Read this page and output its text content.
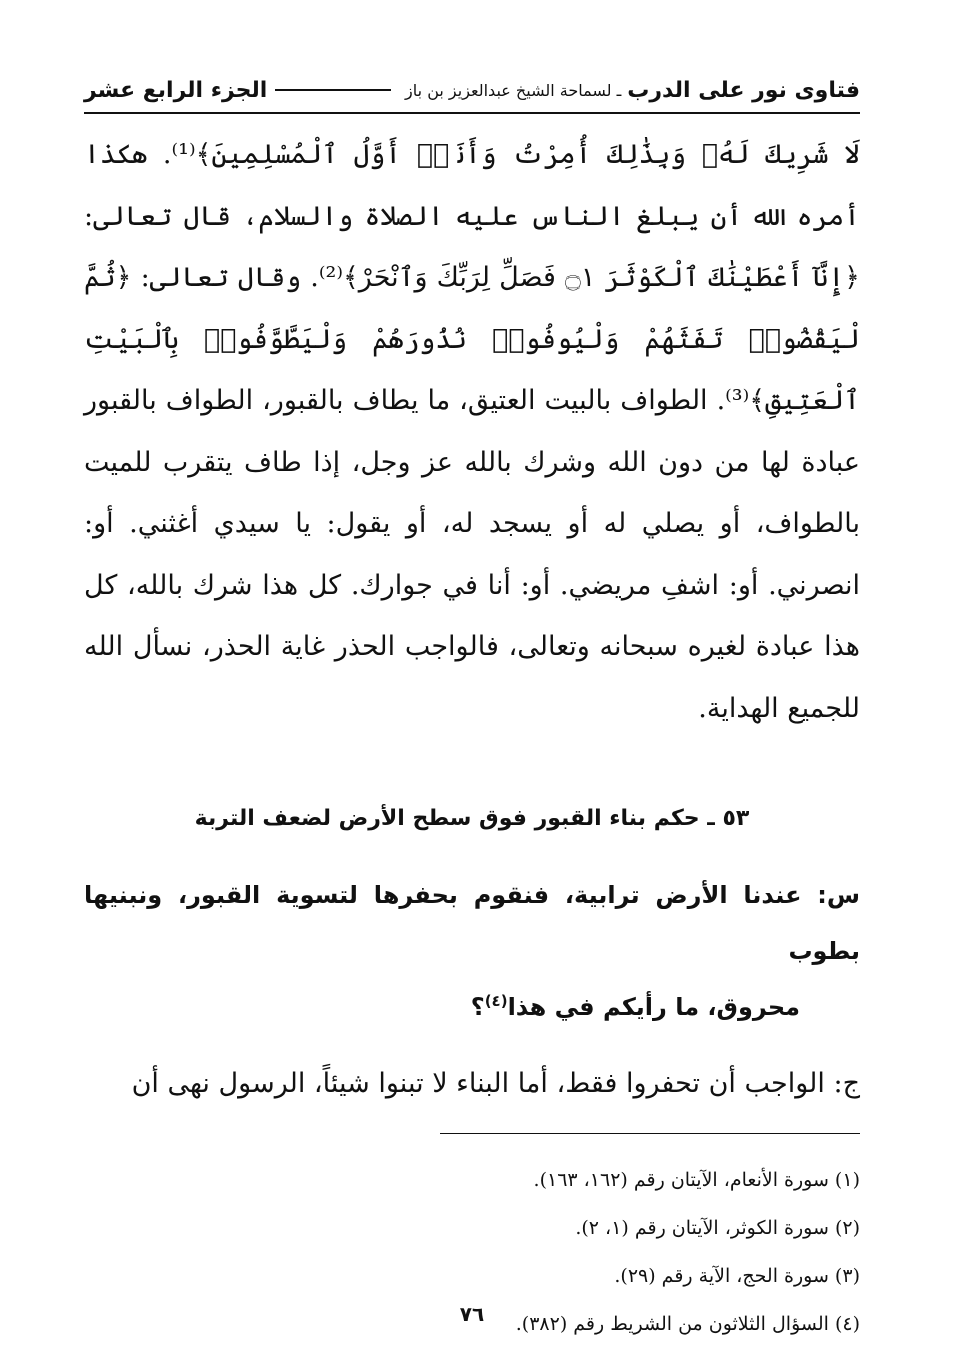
فتاوى نور على الدرب
ـ لسماحة الشيخ عبدالعزيز بن باز
الجزء الرابع عشر

لَا شَرِيكَ لَهُۥ وَبِذَٰلِكَ أُمِرْتُ وَأَنَا۠ أَوَّلُ ٱلْمُسْلِمِينَ﴾⁽¹⁾. هكذا أمره الله أن يبلغ الناس عليه الصلاة والسلام، قال تعالى: ﴿إِنَّآ أَعْطَيْنَٰكَ ٱلْكَوْثَرَ ۝١ فَصَلِّ لِرَبِّكَ وَٱنْحَرْ﴾⁽²⁾. وقال تعالى: ﴿ثُمَّ لْيَقْضُوا۟ تَفَثَهُمْ وَلْيُوفُوا۟ نُذُورَهُمْ وَلْيَطَّوَّفُوا۟ بِٱلْبَيْتِ ٱلْعَتِيقِ﴾⁽³⁾. الطواف بالبيت العتيق، ما يطاف بالقبور، الطواف بالقبور عبادة لها من دون الله وشرك بالله عز وجل، إذا طاف يتقرب للميت بالطواف، أو يصلي له أو يسجد له، أو يقول: يا سيدي أغثني. أو: انصرني. أو: اشفِ مريضي. أو: أنا في جوارك. كل هذا شرك بالله، كل هذا عبادة لغيره سبحانه وتعالى، فالواجب الحذر غاية الحذر، نسأل الله للجميع الهداية.

٥٣ ـ حكم بناء القبور فوق سطح الأرض لضعف التربة
س: عندنا الأرض ترابية، فنقوم بحفرها لتسوية القبور، ونبنيها بطوب
محروق، ما رأيكم في هذا$^{(٤)}$؟
ج: الواجب أن تحفروا فقط، أما البناء لا تبنوا شيئاً، الرسول نهى أن
(١) سورة الأنعام، الآيتان رقم (١٦٢، ١٦٣).
(٢) سورة الكوثر، الآيتان رقم (١، ٢).
(٣) سورة الحج، الآية رقم (٢٩).
(٤) السؤال الثلاثون من الشريط رقم (٣٨٢).
٧٦
